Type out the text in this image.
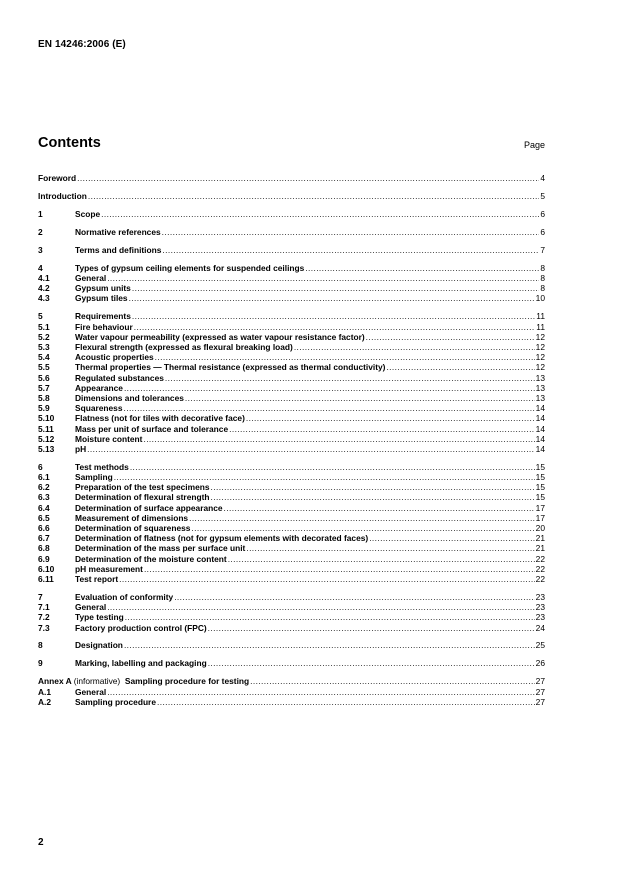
EN 14246:2006 (E)
Contents	Page
Foreword .....	4
Introduction .....	5
1	Scope .....	6
2	Normative references .....	6
3	Terms and definitions .....	7
4	Types of gypsum ceiling elements for suspended ceilings .....	8
4.1	General .....	8
4.2	Gypsum units .....	8
4.3	Gypsum tiles .....	10
5	Requirements .....	11
5.1	Fire behaviour .....	11
5.2	Water vapour permeability (expressed as water vapour resistance factor) .....	12
5.3	Flexural strength (expressed as flexural breaking load) .....	12
5.4	Acoustic properties .....	12
5.5	Thermal properties — Thermal resistance (expressed as thermal conductivity) .....	12
5.6	Regulated substances .....	13
5.7	Appearance .....	13
5.8	Dimensions and tolerances .....	13
5.9	Squareness .....	14
5.10	Flatness (not for tiles with decorative face) .....	14
5.11	Mass per unit of surface and tolerance .....	14
5.12	Moisture content .....	14
5.13	pH .....	14
6	Test methods .....	15
6.1	Sampling .....	15
6.2	Preparation of the test specimens .....	15
6.3	Determination of flexural strength .....	15
6.4	Determination of surface appearance .....	17
6.5	Measurement of dimensions .....	17
6.6	Determination of squareness .....	20
6.7	Determination of flatness (not for gypsum elements with decorated faces) .....	21
6.8	Determination of the mass per surface unit .....	21
6.9	Determination of the moisture content .....	22
6.10	pH measurement .....	22
6.11	Test report .....	22
7	Evaluation of conformity .....	23
7.1	General .....	23
7.2	Type testing .....	23
7.3	Factory production control (FPC) .....	24
8	Designation .....	25
9	Marking, labelling and packaging .....	26
Annex A (informative) Sampling procedure for testing .....	27
A.1	General .....	27
A.2	Sampling procedure .....	27
2
